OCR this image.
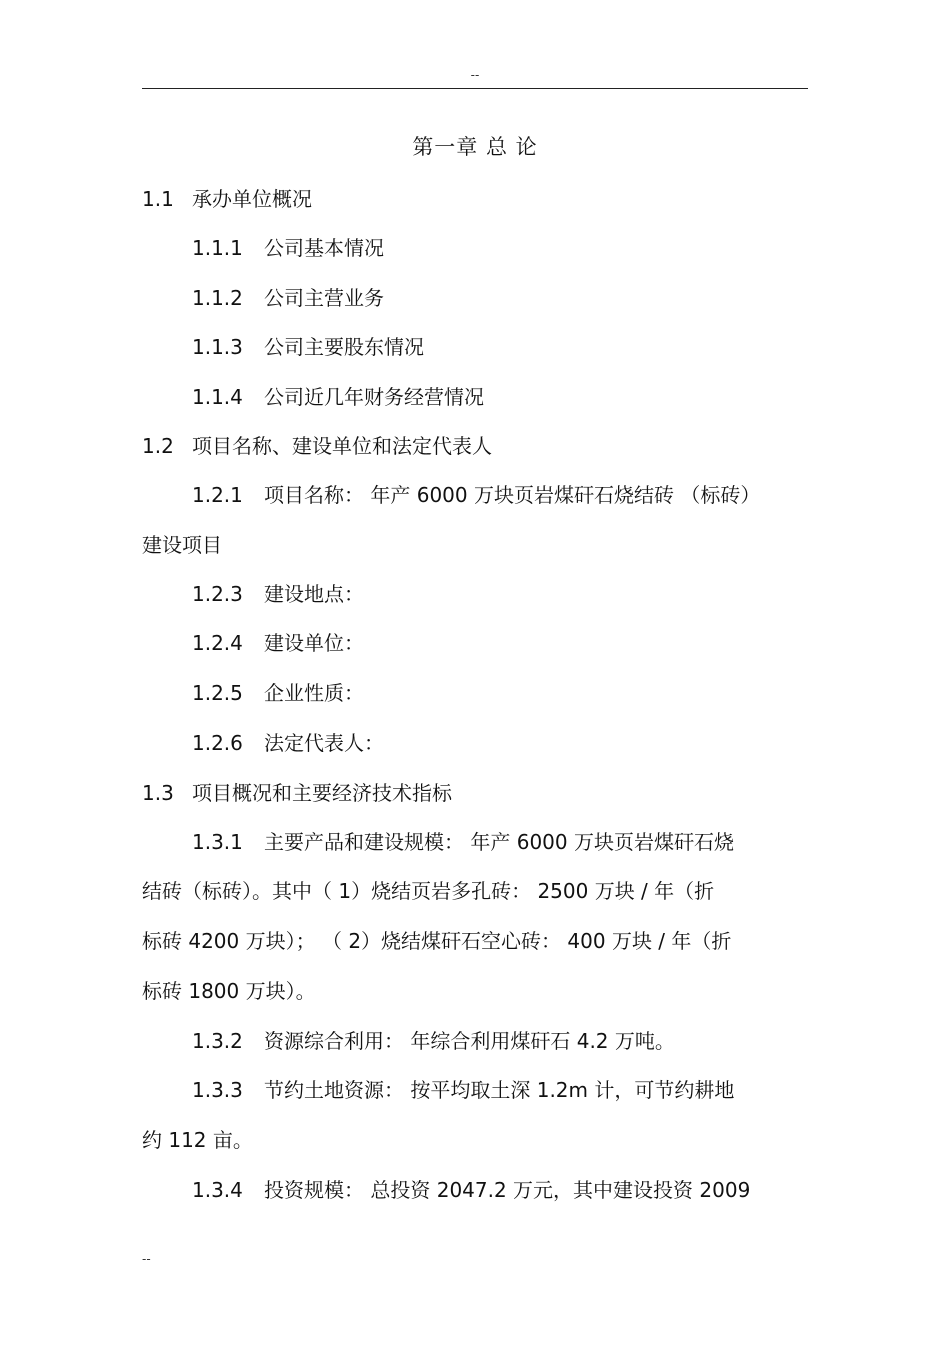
--
第一章 总 论
1.1 承办单位概况
1.1.1 公司基本情况
1.1.2 公司主营业务
1.1.3 公司主要股东情况
1.1.4 公司近几年财务经营情况
1.2 项目名称、建设单位和法定代表人
1.2.1 项目名称： 年产 6000 万块页岩煤矸石烧结砖 （标砖）
建设项目
1.2.3 建设地点：
1.2.4 建设单位：
1.2.5 企业性质：
1.2.6 法定代表人：
1.3 项目概况和主要经济技术指标
1.3.1 主要产品和建设规模： 年产 6000 万块页岩煤矸石烧
结砖（标砖）。其中（ 1）烧结页岩多孔砖： 2500 万块 / 年（折
标砖 4200 万块）； （ 2）烧结煤矸石空心砖： 400 万块 / 年（折
标砖 1800 万块）。
1.3.2 资源综合利用： 年综合利用煤矸石 4.2 万吨。
1.3.3 节约土地资源： 按平均取土深 1.2m 计，可节约耕地
约 112 亩。
1.3.4 投资规模： 总投资 2047.2 万元，其中建设投资 2009
--
